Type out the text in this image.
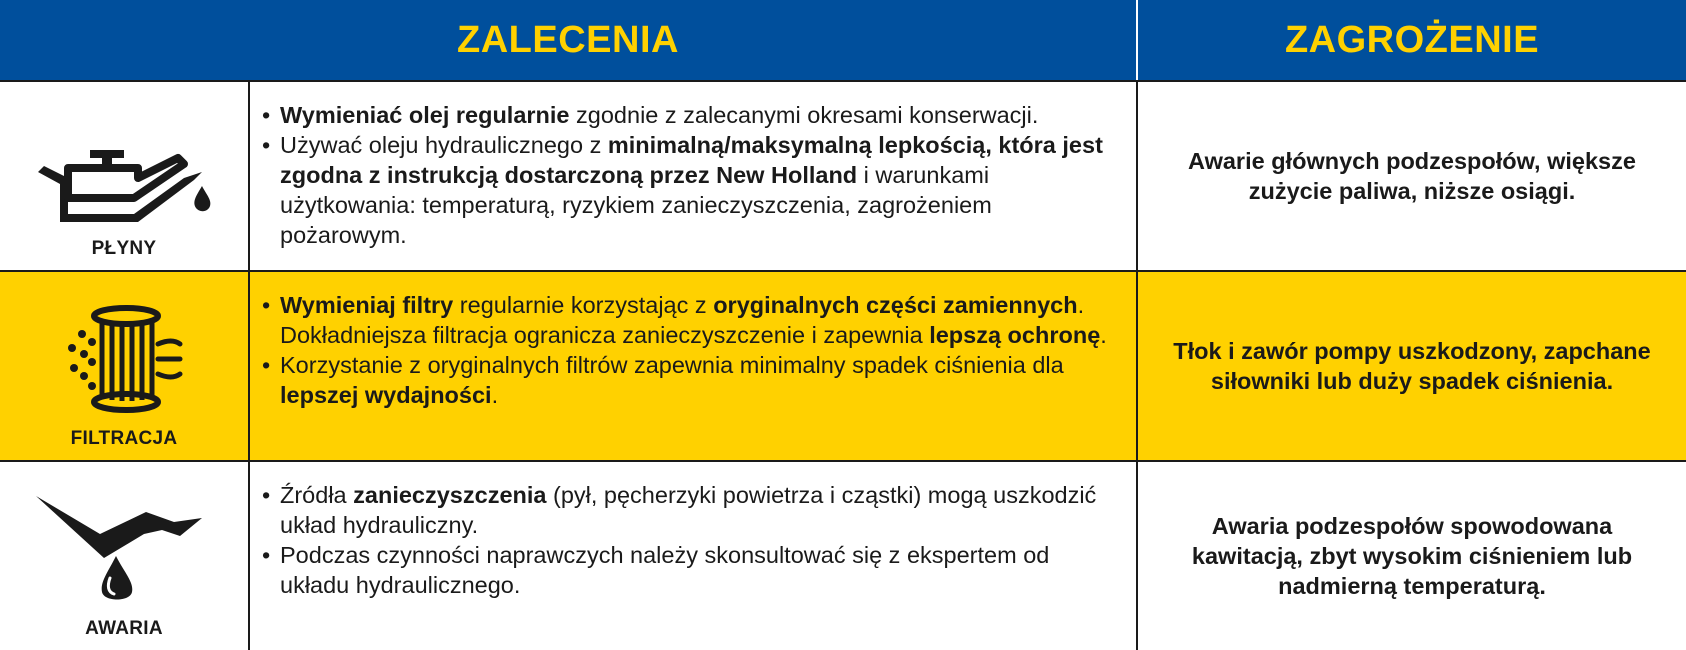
ZALECENIA	ZAGROŻENIE
PŁYNY
• Wymieniać olej regularnie zgodnie z zalecanymi okresami konserwacji.
• Używać oleju hydraulicznego z minimalną/maksymalną lepkością, która jest zgodna z instrukcją dostarczoną przez New Holland i warunkami użytkowania: temperaturą, ryzykiem zanieczyszczenia, zagrożeniem pożarowym.
Awarie głównych podzespołów, większe zużycie paliwa, niższe osiągi.
FILTRACJA
• Wymieniaj filtry regularnie korzystając z oryginalnych części zamiennych. Dokładniejsza filtracja ogranicza zanieczyszczenie i zapewnia lepszą ochronę.
• Korzystanie z oryginalnych filtrów zapewnia minimalny spadek ciśnienia dla lepszej wydajności.
Tłok i zawór pompy uszkodzony, zapchane siłowniki lub duży spadek ciśnienia.
AWARIA
• Źródła zanieczyszczenia (pył, pęcherzyki powietrza i cząstki) mogą uszkodzić
układ hydrauliczny.
• Podczas czynności naprawczych należy skonsultować się z ekspertem od układu hydraulicznego.
Awaria podzespołów spowodowana kawitacją, zbyt wysokim ciśnieniem lub nadmierną temperaturą.
